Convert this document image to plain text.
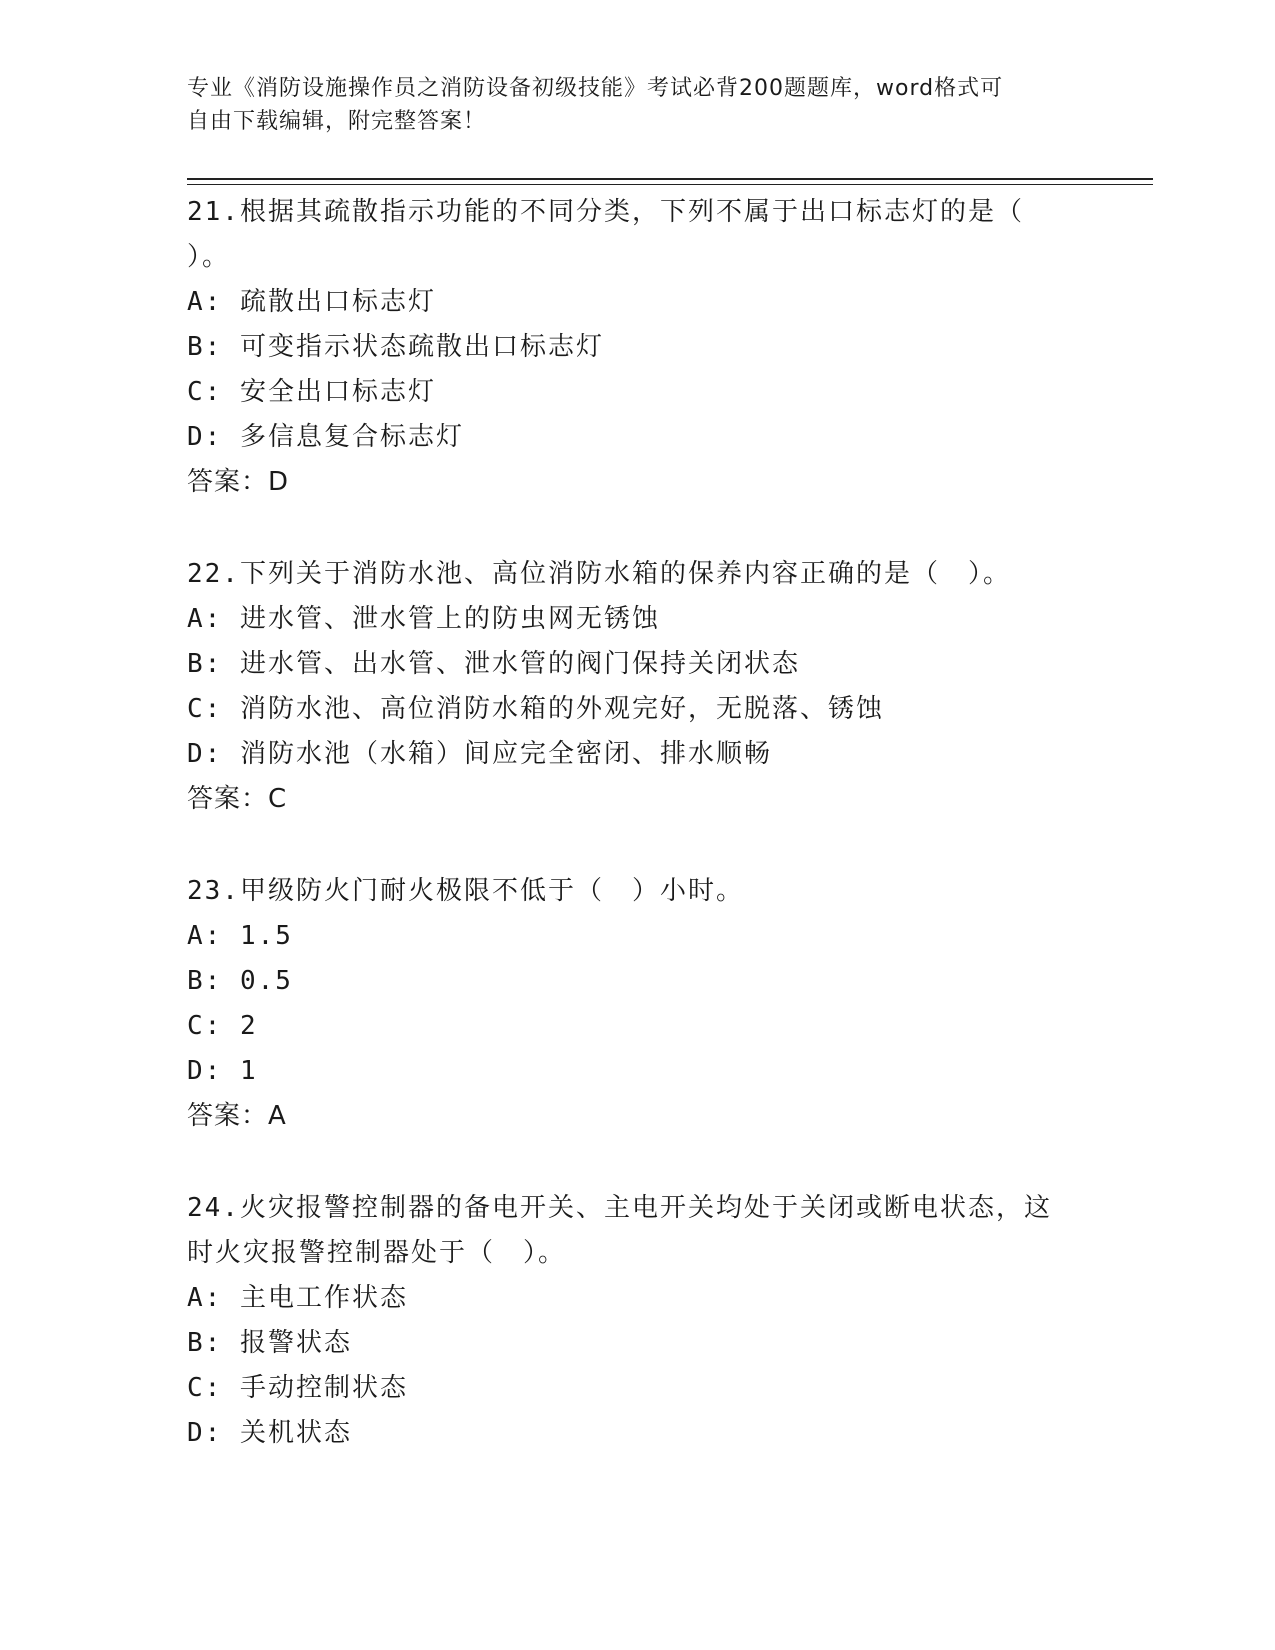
专业《消防设施操作员之消防设备初级技能》考试必背200题题库，word格式可
自由下载编辑，附完整答案！

21.根据其疏散指示功能的不同分类，下列不属于出口标志灯的是（

）。

A: 疏散出口标志灯

B: 可变指示状态疏散出口标志灯

C: 安全出口标志灯

D: 多信息复合标志灯

答案：D

22.下列关于消防水池、高位消防水箱的保养内容正确的是（　）。

A: 进水管、泄水管上的防虫网无锈蚀

B: 进水管、出水管、泄水管的阀门保持关闭状态

C: 消防水池、高位消防水箱的外观完好，无脱落、锈蚀

D: 消防水池（水箱）间应完全密闭、排水顺畅

答案：C

23.甲级防火门耐火极限不低于（　）小时。

A: 1.5

B: 0.5

C: 2

D: 1

答案：A

24.火灾报警控制器的备电开关、主电开关均处于关闭或断电状态，这

时火灾报警控制器处于（　）。

A: 主电工作状态

B: 报警状态

C: 手动控制状态

D: 关机状态
